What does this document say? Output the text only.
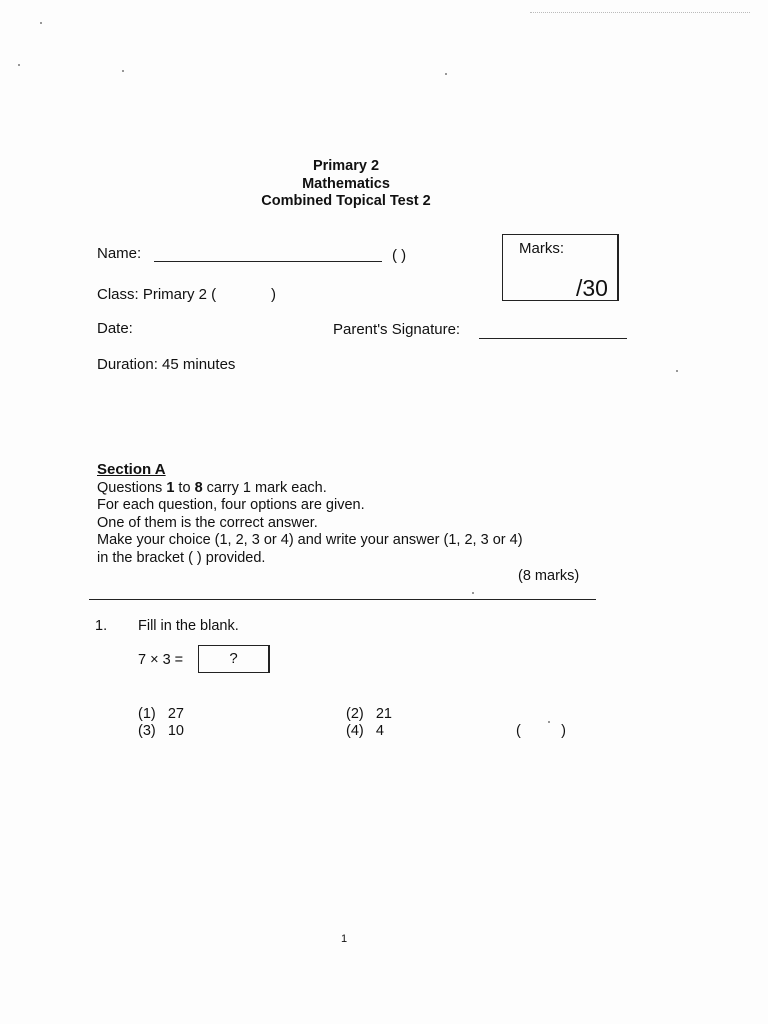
Primary 2
Mathematics
Combined Topical Test 2
Name:	( )	Marks:
/30
Class: Primary 2 (	)
Date:	Parent's Signature:
Duration: 45 minutes
Section A
Questions 1 to 8 carry 1 mark each.
For each question, four options are given.
One of them is the correct answer.
Make your choice (1, 2, 3 or 4) and write your answer (1, 2, 3 or 4)
in the bracket ( ) provided.
(8 marks)
1. Fill in the blank.
7 × 3 =	?
(1) 27	(2) 21
(3) 10	(4) 4	(          )
1
